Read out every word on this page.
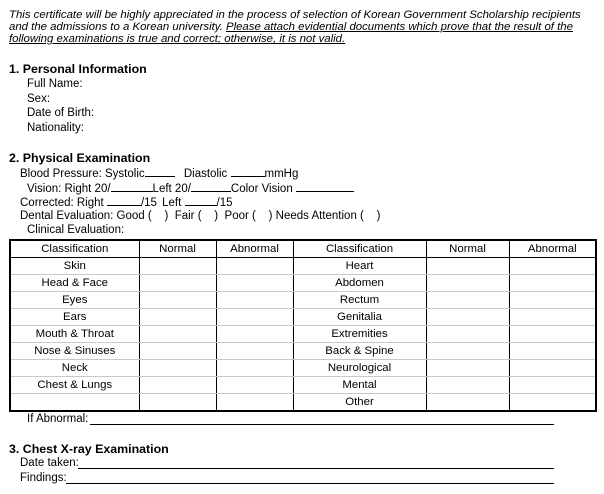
This certificate will be highly appreciated in the process of selection of Korean Government Scholarship recipients and the admissions to a Korean university. Please attach evidential documents which prove that the result of the following examinations is true and correct; otherwise, it is not valid.
1. Personal Information
Full Name:
Sex:
Date of Birth:
Nationality:
2. Physical Examination
Blood Pressure: Systolic	Diastolic	mmHg
Vision: Right 20/	Left 20/	Color Vision
Corrected: Right	/15 Left	/15
Dental Evaluation: Good (    )  Fair (    )  Poor (    ) Needs Attention (    )
Clinical Evaluation:
Classification	Normal	Abnormal	Classification	Normal	Abnormal
Skin			Heart		
Head & Face			Abdomen		
Eyes			Rectum		
Ears			Genitalia		
Mouth & Throat			Extremities		
Nose & Sinuses			Back & Spine		
Neck			Neurological		
Chest & Lungs			Mental		
			Other		
If Abnormal:
3. Chest X-ray Examination
Date taken:
Findings:
